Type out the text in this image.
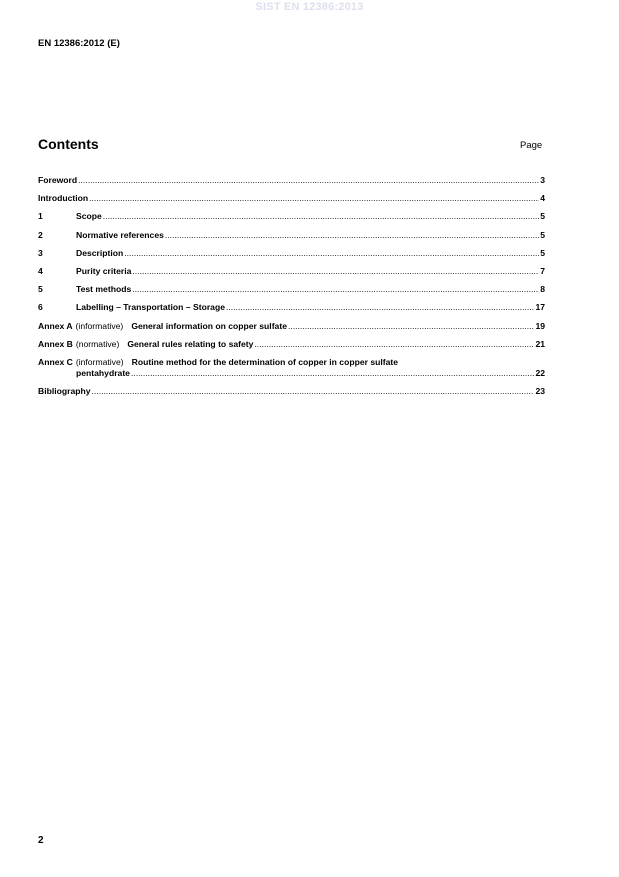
SIST EN 12386:2013
EN 12386:2012 (E)
Contents	Page
Foreword .....	3
Introduction .....	4
1	Scope .....	5
2	Normative references .....	5
3	Description .....	5
4	Purity criteria .....	7
5	Test methods .....	8
6	Labelling – Transportation – Storage .....	17
Annex A (informative) General information on copper sulfate .....	19
Annex B (normative) General rules relating to safety .....	21
Annex C (informative) Routine method for the determination of copper in copper sulfate
pentahydrate .....	22
Bibliography .....	23
2
